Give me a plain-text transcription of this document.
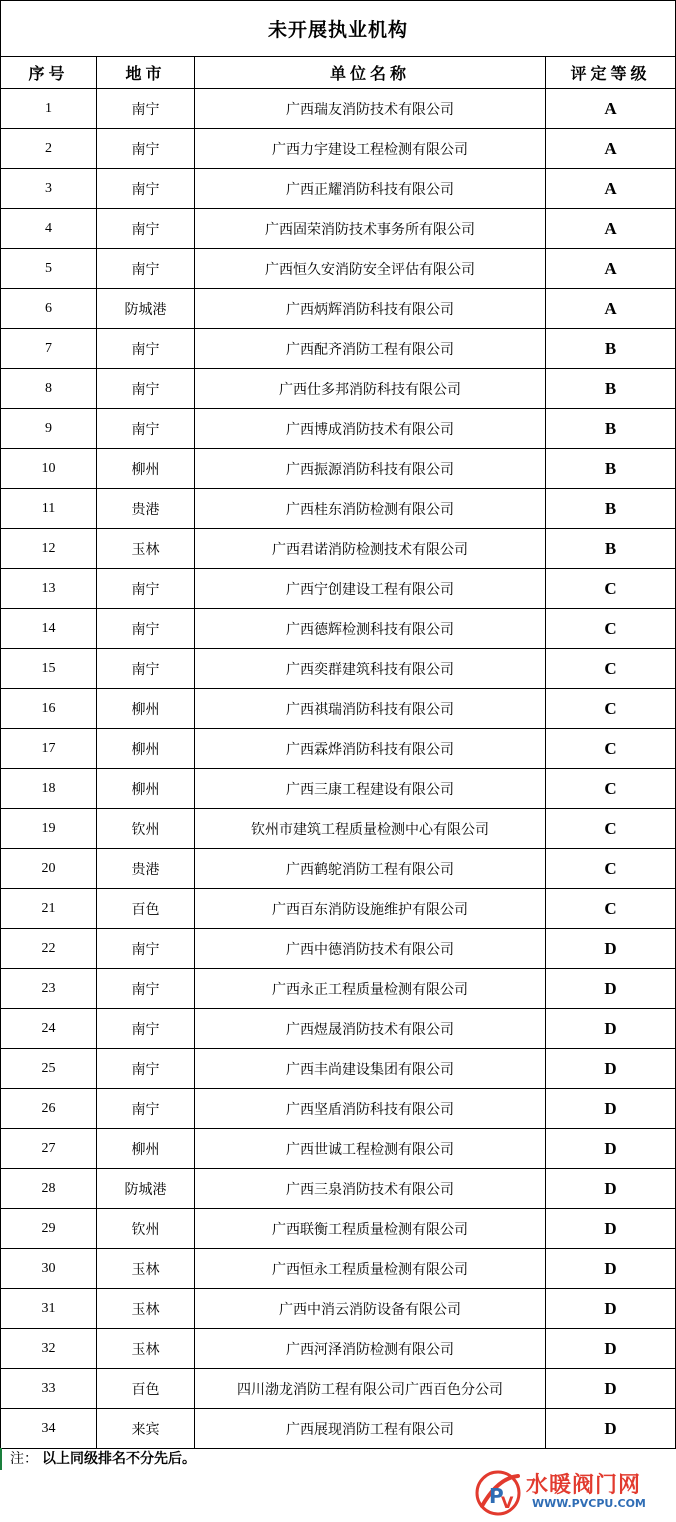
未开展执业机构			
序号	地市	单位名称	评定等级
1	南宁	广西瑞友消防技术有限公司	A
2	南宁	广西力宇建设工程检测有限公司	A
3	南宁	广西正耀消防科技有限公司	A
4	南宁	广西固荣消防技术事务所有限公司	A
5	南宁	广西恒久安消防安全评估有限公司	A
6	防城港	广西炳辉消防科技有限公司	A
7	南宁	广西配齐消防工程有限公司	B
8	南宁	广西仕多邦消防科技有限公司	B
9	南宁	广西博成消防技术有限公司	B
10	柳州	广西振源消防科技有限公司	B
11	贵港	广西桂东消防检测有限公司	B
12	玉林	广西君诺消防检测技术有限公司	B
13	南宁	广西宁创建设工程有限公司	C
14	南宁	广西德辉检测科技有限公司	C
15	南宁	广西奕群建筑科技有限公司	C
16	柳州	广西祺瑞消防科技有限公司	C
17	柳州	广西霖烨消防科技有限公司	C
18	柳州	广西三康工程建设有限公司	C
19	钦州	钦州市建筑工程质量检测中心有限公司	C
20	贵港	广西鹤鸵消防工程有限公司	C
21	百色	广西百东消防设施维护有限公司	C
22	南宁	广西中德消防技术有限公司	D
23	南宁	广西永正工程质量检测有限公司	D
24	南宁	广西煜晟消防技术有限公司	D
25	南宁	广西丰尚建设集团有限公司	D
26	南宁	广西坚盾消防科技有限公司	D
27	柳州	广西世诚工程检测有限公司	D
28	防城港	广西三泉消防技术有限公司	D
29	钦州	广西联衡工程质量检测有限公司	D
30	玉林	广西恒永工程质量检测有限公司	D
31	玉林	广西中消云消防设备有限公司	D
32	玉林	广西河泽消防检测有限公司	D
33	百色	四川渤龙消防工程有限公司广西百色分公司	D
34	来宾	广西展现消防工程有限公司	D
注： 以上同级排名不分先后。
P
V
水暖阀门网
WWW.PVCPU.COM
